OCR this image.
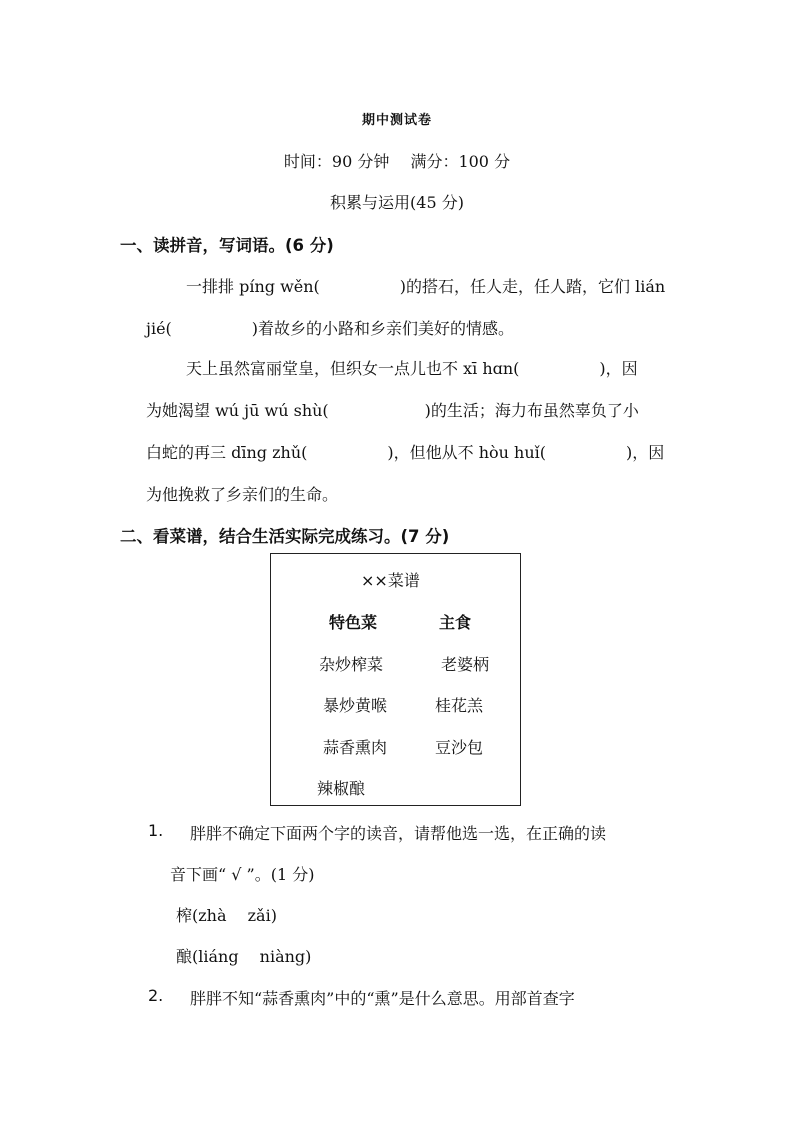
期中测试卷
时间：90 分钟　 满分：100 分
积累与运用(45 分)
一、读拼音，写词语。(6 分)
一排排 píng wěn(　　　　　)的搭石，任人走，任人踏，它们 lián
jié(　　　　　)着故乡的小路和乡亲们美好的情感。
天上虽然富丽堂皇，但织女一点儿也不 xī hɑn(　　　　　)，因
为她渴望 wú jū wú shù(　　　　　　)的生活；海力布虽然辜负了小
白蛇的再三 dīng zhǔ(　　　　　)，但他从不 hòu huǐ(　　　　　)，因
为他挽救了乡亲们的生命。
二、看菜谱，结合生活实际完成练习。(7 分)
××菜谱
特色菜	主食
杂炒榨菜	老婆柄
暴炒黄喉	桂花羔
蒜香熏肉	豆沙包
辣椒酿
1. 胖胖不确定下面两个字的读音，请帮他选一选，在正确的读
音下画“ √ ”。(1 分)
榨(zhà　 zǎi)
酿(liáng　 niàng)
2. 胖胖不知“蒜香熏肉”中的“熏”是什么意思。用部首查字
